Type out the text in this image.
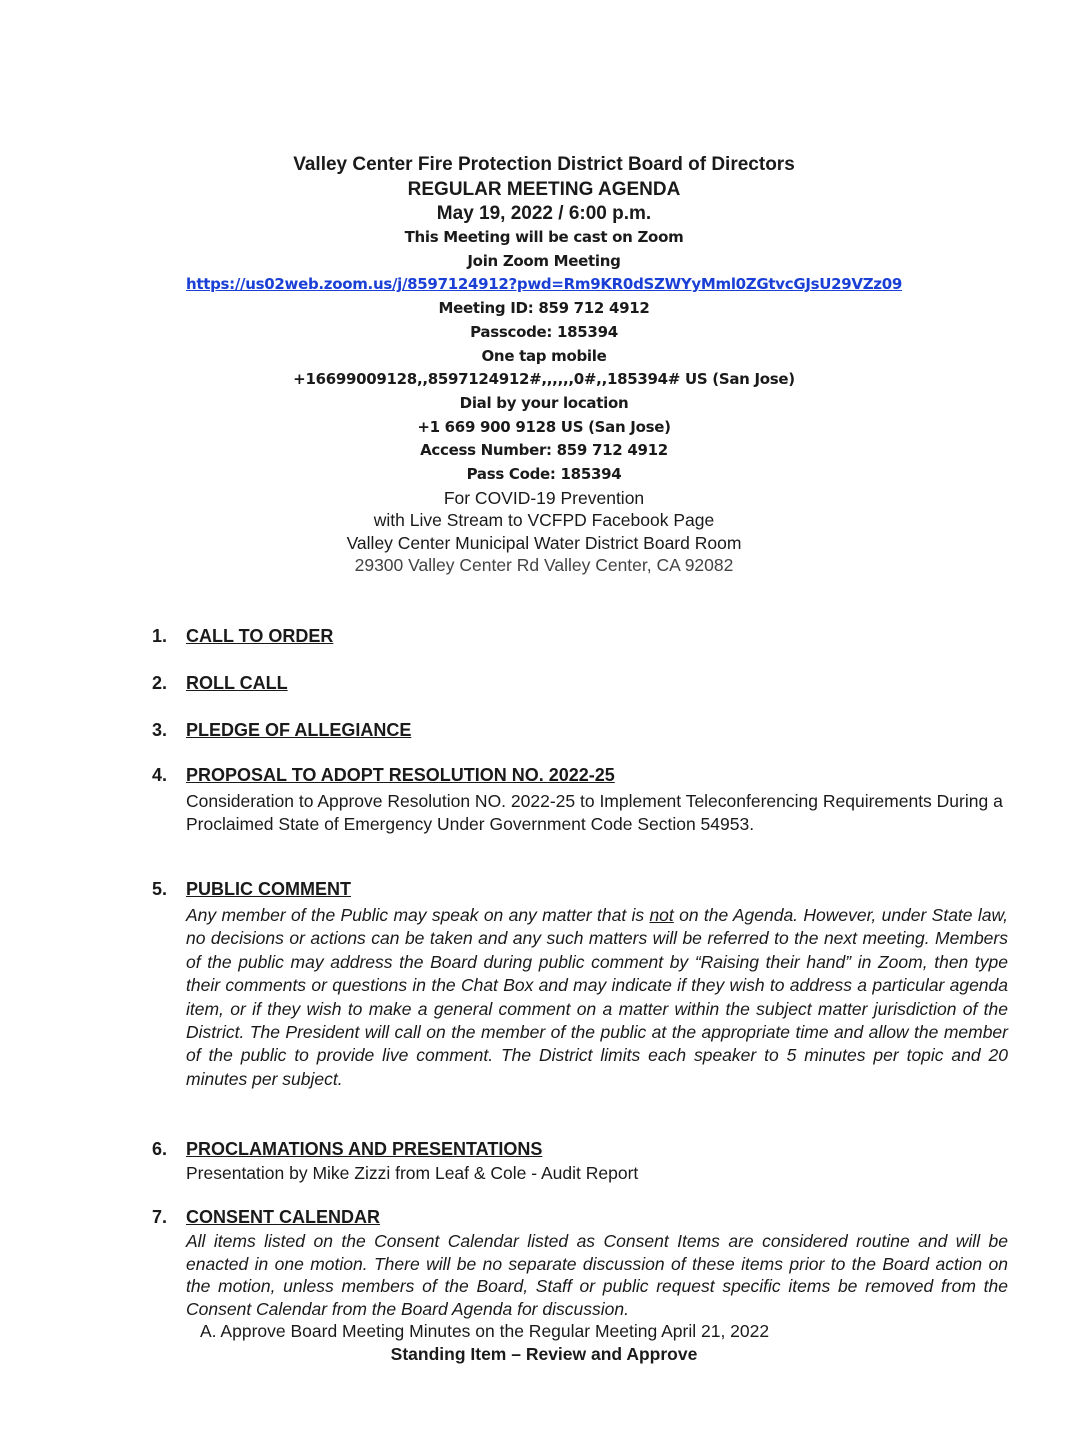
Valley Center Fire Protection District Board of Directors
REGULAR MEETING AGENDA
May 19, 2022 / 6:00 p.m.
This Meeting will be cast on Zoom
Join Zoom Meeting
https://us02web.zoom.us/j/8597124912?pwd=Rm9KR0dSZWYyMml0ZGtvcGJsU29VZz09
Meeting ID: 859 712 4912
Passcode: 185394
One tap mobile
+16699009128,,8597124912#,,,,,,0#,,185394# US (San Jose)
Dial by your location
+1 669 900 9128 US (San Jose)
Access Number: 859 712 4912
Pass Code: 185394
For COVID-19 Prevention
with Live Stream to VCFPD Facebook Page
Valley Center Municipal Water District Board Room
29300 Valley Center Rd Valley Center, CA 92082
1. CALL TO ORDER
2. ROLL CALL
3. PLEDGE OF ALLEGIANCE
4. PROPOSAL TO ADOPT RESOLUTION NO. 2022-25
Consideration to Approve Resolution NO. 2022-25 to Implement Teleconferencing Requirements During a Proclaimed State of Emergency Under Government Code Section 54953.
5. PUBLIC COMMENT
Any member of the Public may speak on any matter that is not on the Agenda. However, under State law, no decisions or actions can be taken and any such matters will be referred to the next meeting. Members of the public may address the Board during public comment by “Raising their hand” in Zoom, then type their comments or questions in the Chat Box and may indicate if they wish to address a particular agenda item, or if they wish to make a general comment on a matter within the subject matter jurisdiction of the District. The President will call on the member of the public at the appropriate time and allow the member of the public to provide live comment. The District limits each speaker to 5 minutes per topic and 20 minutes per subject.
6. PROCLAMATIONS AND PRESENTATIONS
Presentation by Mike Zizzi from Leaf & Cole - Audit Report
7. CONSENT CALENDAR
All items listed on the Consent Calendar listed as Consent Items are considered routine and will be enacted in one motion. There will be no separate discussion of these items prior to the Board action on the motion, unless members of the Board, Staff or public request specific items be removed from the Consent Calendar from the Board Agenda for discussion.
A. Approve Board Meeting Minutes on the Regular Meeting April 21, 2022
Standing Item – Review and Approve
